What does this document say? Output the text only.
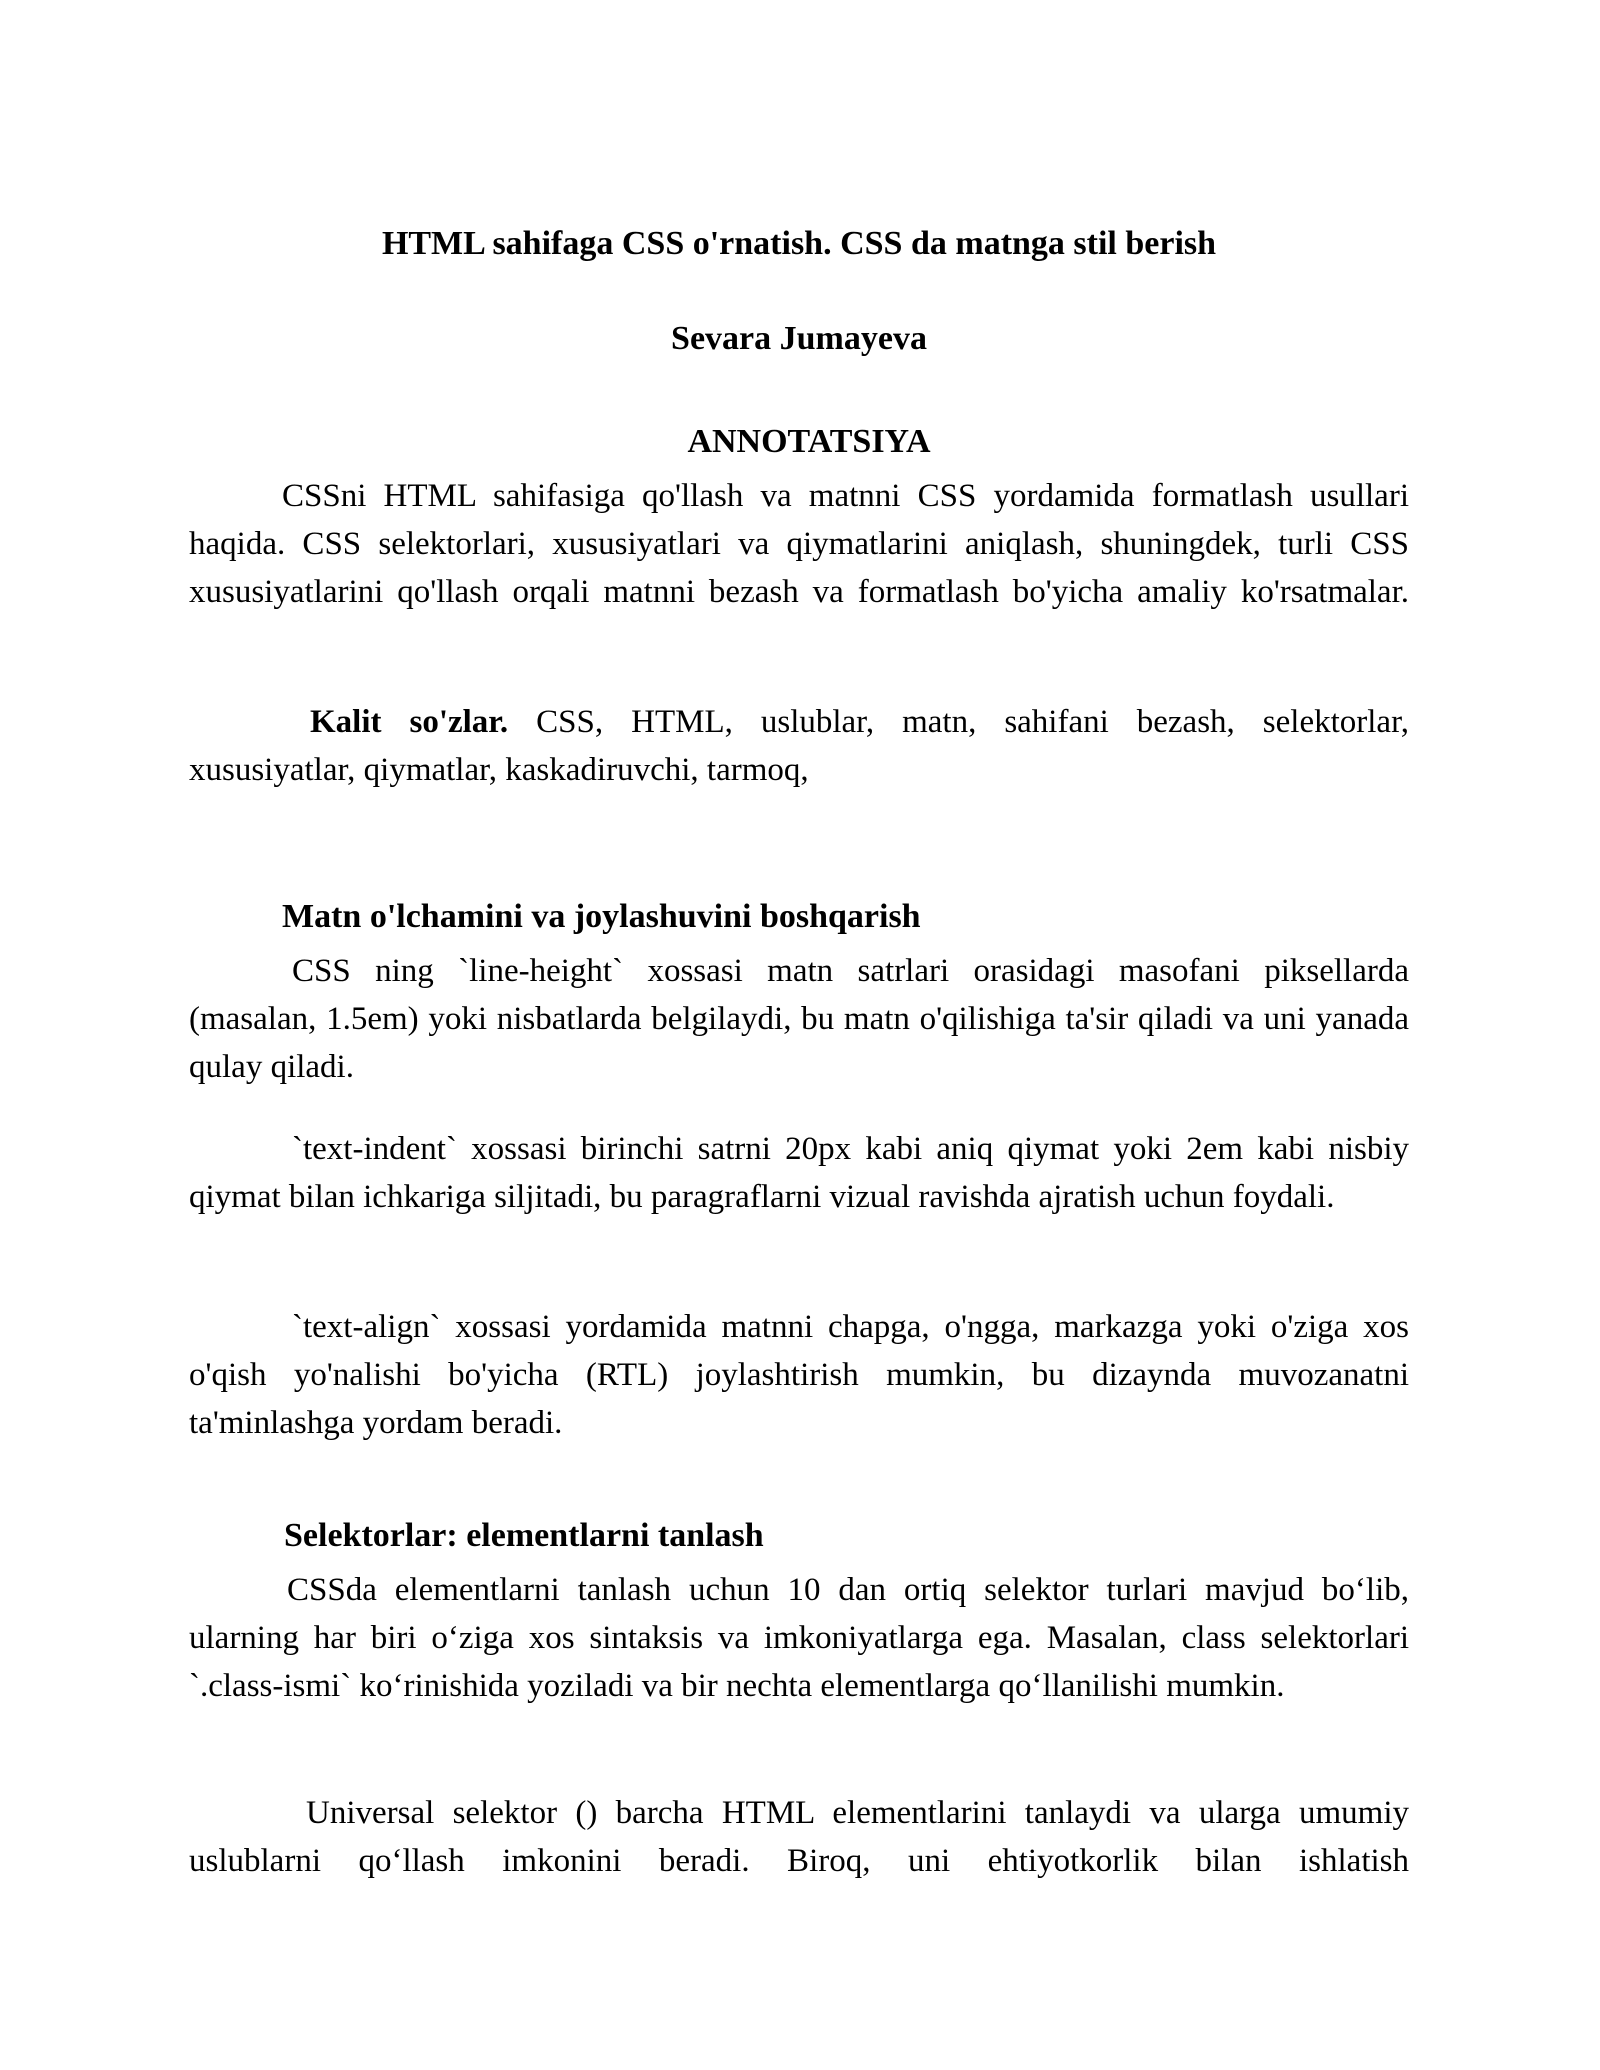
HTML sahifaga CSS o'rnatish. CSS da matnga stil berish

Sevara Jumayeva

ANNOTATSIYA

CSSni HTML sahifasiga qo'llash va matnni CSS yordamida formatlash usullari haqida. CSS selektorlari, xususiyatlari va qiymatlarini aniqlash, shuningdek, turli CSS xususiyatlarini qo'llash orqali matnni bezash va formatlash bo'yicha amaliy ko'rsatmalar.

Kalit so'zlar. CSS, HTML, uslublar, matn, sahifani bezash, selektorlar, xususiyatlar, qiymatlar, kaskadiruvchi, tarmoq,

Matn o'lchamini va joylashuvini boshqarish

CSS ning `line-height` xossasi matn satrlari orasidagi masofani piksellarda (masalan, 1.5em) yoki nisbatlarda belgilaydi, bu matn o'qilishiga ta'sir qiladi va uni yanada qulay qiladi.

`text-indent` xossasi birinchi satrni 20px kabi aniq qiymat yoki 2em kabi nisbiy qiymat bilan ichkariga siljitadi, bu paragraflarni vizual ravishda ajratish uchun foydali.

`text-align` xossasi yordamida matnni chapga, o'ngga, markazga yoki o'ziga xos o'qish yo'nalishi bo'yicha (RTL) joylashtirish mumkin, bu dizaynda muvozanatni ta'minlashga yordam beradi.

Selektorlar: elementlarni tanlash

CSSda elementlarni tanlash uchun 10 dan ortiq selektor turlari mavjud bo‘lib, ularning har biri o‘ziga xos sintaksis va imkoniyatlarga ega. Masalan, class selektorlari `.class-ismi` ko‘rinishida yoziladi va bir nechta elementlarga qo‘llanilishi mumkin.

Universal selektor () barcha HTML elementlarini tanlaydi va ularga umumiy uslublarni qo‘llash imkonini beradi. Biroq, uni ehtiyotkorlik bilan ishlatish
